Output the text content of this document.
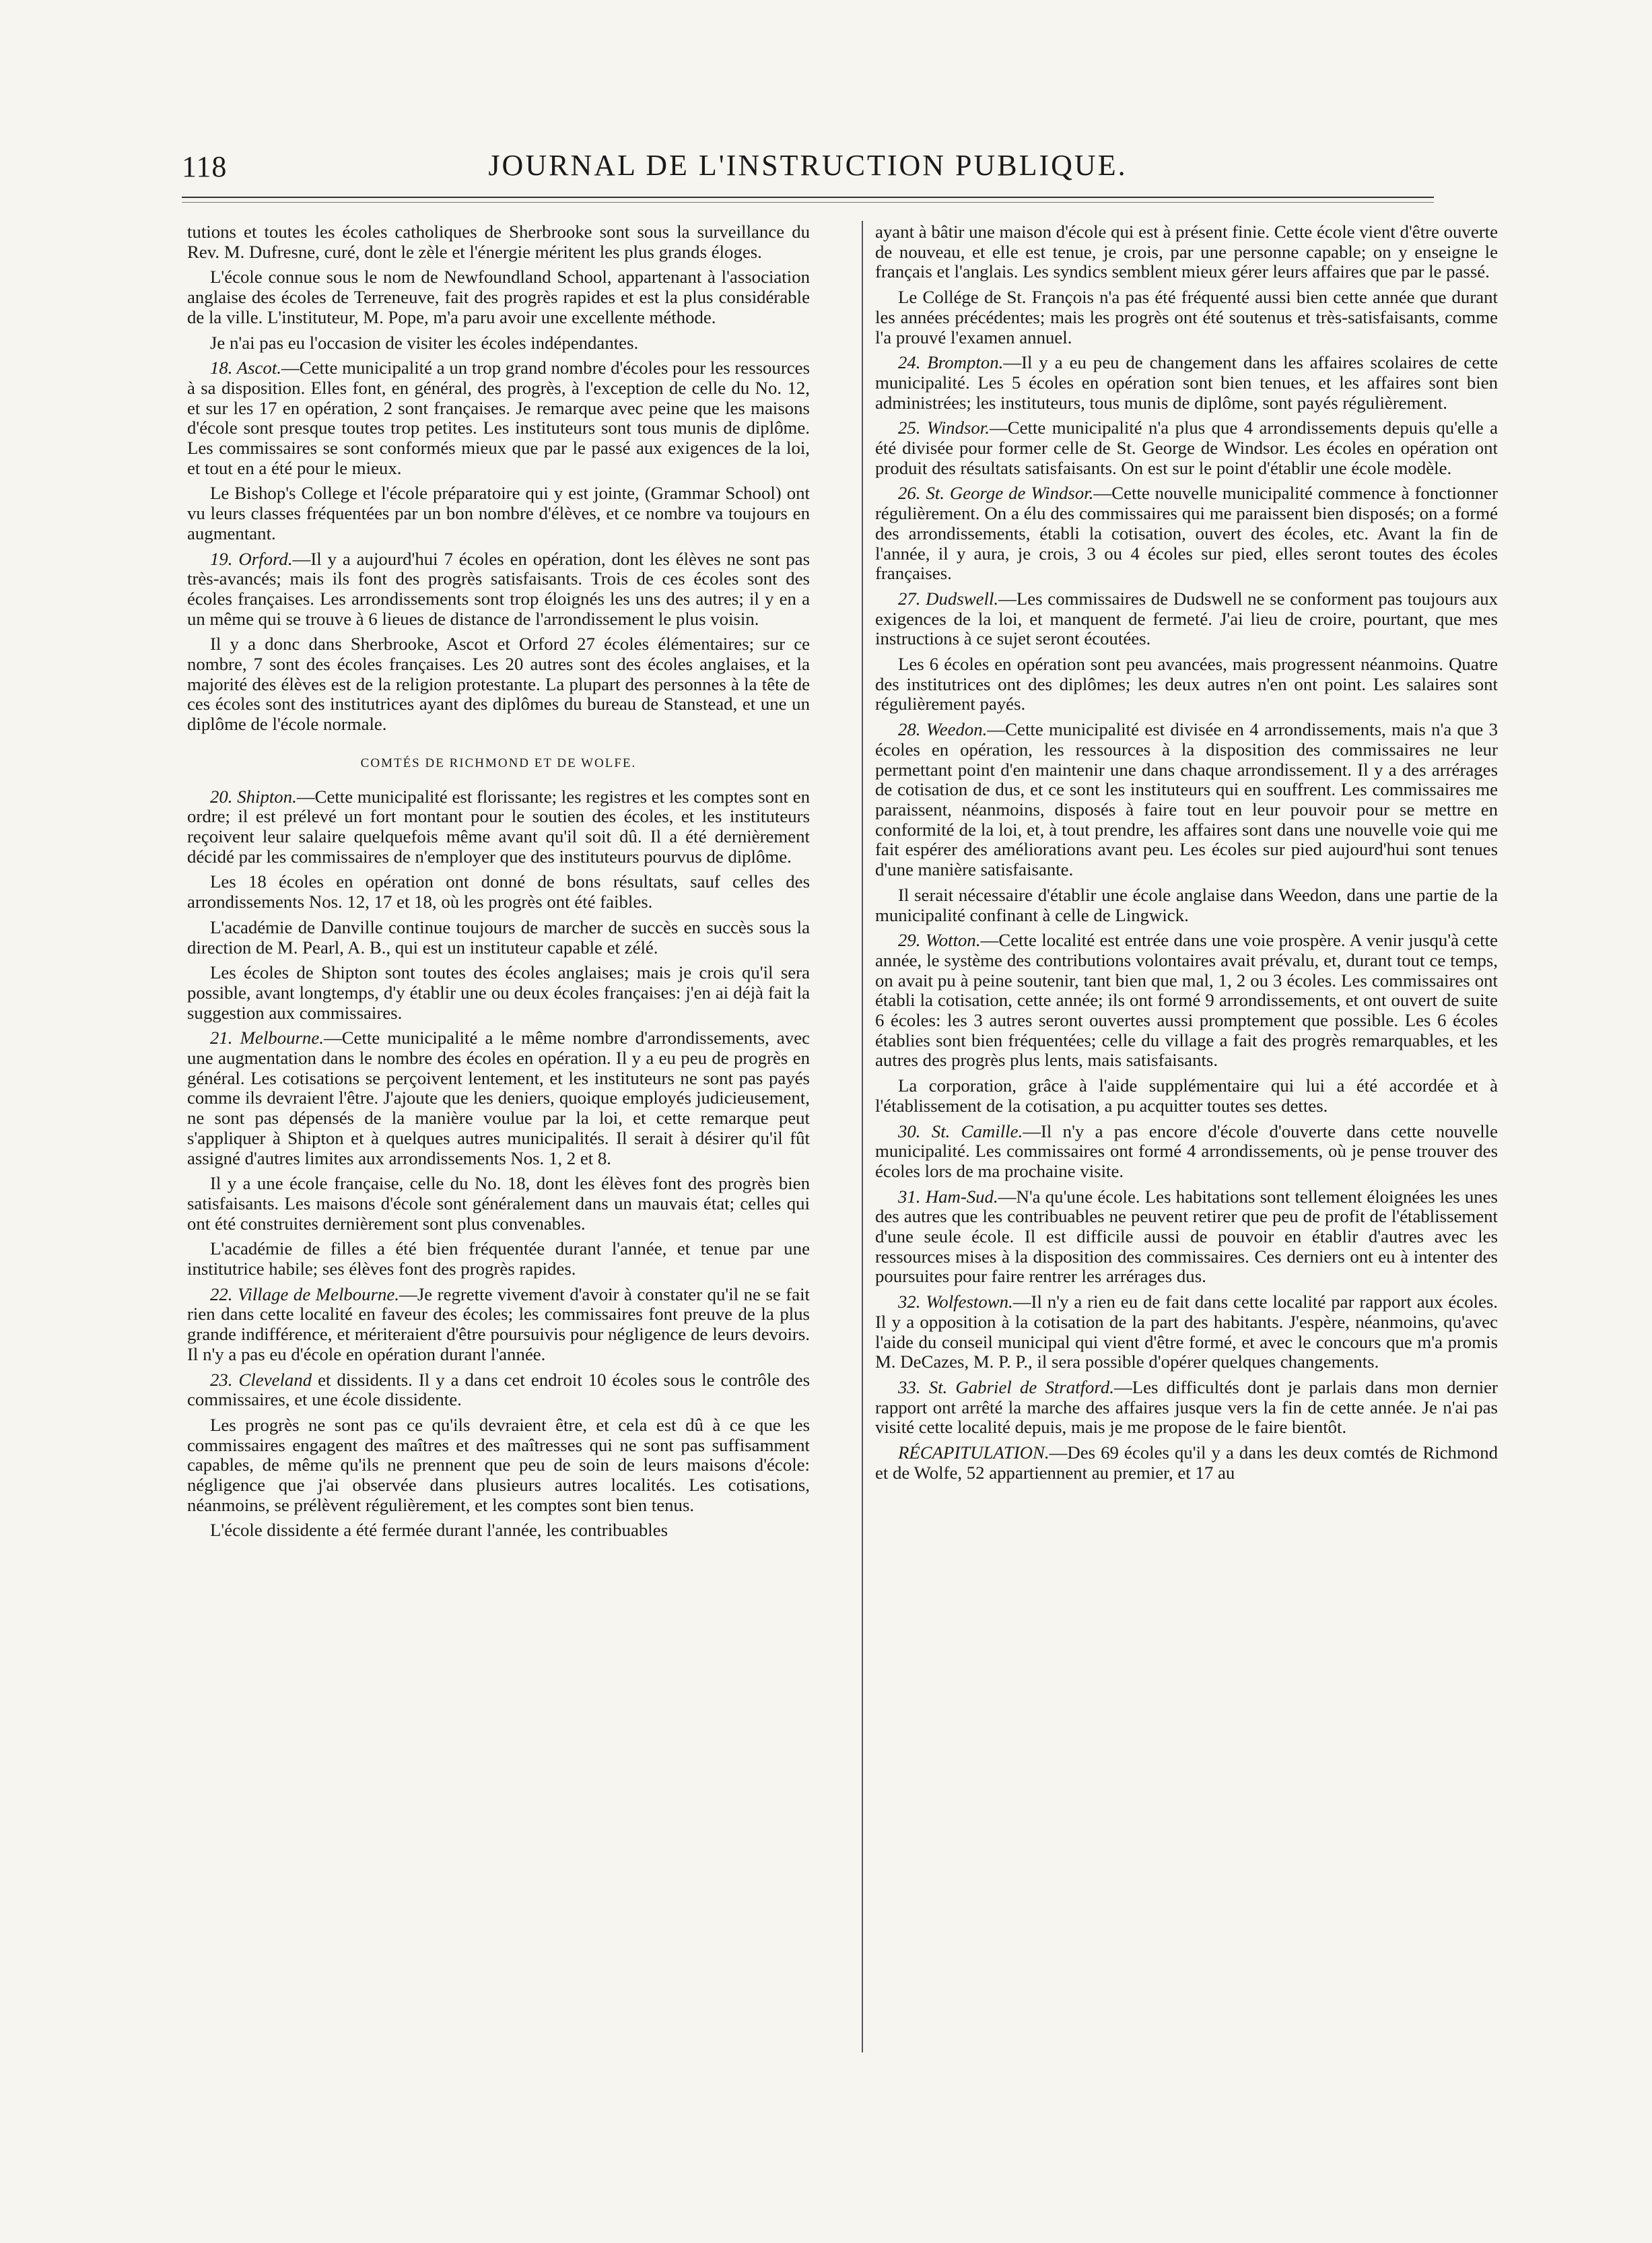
118	JOURNAL DE L'INSTRUCTION PUBLIQUE.

tutions et toutes les écoles catholiques de Sherbrooke sont sous la surveillance du Rev. M. Dufresne, curé, dont le zèle et l'énergie méritent les plus grands éloges.

L'école connue sous le nom de Newfoundland School, appartenant à l'association anglaise des écoles de Terreneuve, fait des progrès rapides et est la plus considérable de la ville. L'instituteur, M. Pope, m'a paru avoir une excellente méthode.

Je n'ai pas eu l'occasion de visiter les écoles indépendantes.

18. Ascot.—Cette municipalité a un trop grand nombre d'écoles pour les ressources à sa disposition. Elles font, en général, des progrès, à l'exception de celle du No. 12, et sur les 17 en opération, 2 sont françaises. Je remarque avec peine que les maisons d'école sont presque toutes trop petites. Les instituteurs sont tous munis de diplôme. Les commissaires se sont conformés mieux que par le passé aux exigences de la loi, et tout en a été pour le mieux.

Le Bishop's College et l'école préparatoire qui y est jointe, (Grammar School) ont vu leurs classes fréquentées par un bon nombre d'élèves, et ce nombre va toujours en augmentant.

19. Orford.—Il y a aujourd'hui 7 écoles en opération, dont les élèves ne sont pas très-avancés; mais ils font des progrès satisfaisants. Trois de ces écoles sont des écoles françaises. Les arrondissements sont trop éloignés les uns des autres; il y en a un même qui se trouve à 6 lieues de distance de l'arrondissement le plus voisin.

Il y a donc dans Sherbrooke, Ascot et Orford 27 écoles élémentaires; sur ce nombre, 7 sont des écoles françaises. Les 20 autres sont des écoles anglaises, et la majorité des élèves est de la religion protestante. La plupart des personnes à la tête de ces écoles sont des institutrices ayant des diplômes du bureau de Stanstead, et une un diplôme de l'école normale.

COMTÉS DE RICHMOND ET DE WOLFE.

20. Shipton.—Cette municipalité est florissante; les registres et les comptes sont en ordre; il est prélevé un fort montant pour le soutien des écoles, et les instituteurs reçoivent leur salaire quelquefois même avant qu'il soit dû. Il a été dernièrement décidé par les commissaires de n'employer que des instituteurs pourvus de diplôme.

Les 18 écoles en opération ont donné de bons résultats, sauf celles des arrondissements Nos. 12, 17 et 18, où les progrès ont été faibles.

L'académie de Danville continue toujours de marcher de succès en succès sous la direction de M. Pearl, A. B., qui est un instituteur capable et zélé.

Les écoles de Shipton sont toutes des écoles anglaises; mais je crois qu'il sera possible, avant longtemps, d'y établir une ou deux écoles françaises: j'en ai déjà fait la suggestion aux commissaires.

21. Melbourne.—Cette municipalité a le même nombre d'arrondissements, avec une augmentation dans le nombre des écoles en opération. Il y a eu peu de progrès en général. Les cotisations se perçoivent lentement, et les instituteurs ne sont pas payés comme ils devraient l'être. J'ajoute que les deniers, quoique employés judicieusement, ne sont pas dépensés de la manière voulue par la loi, et cette remarque peut s'appliquer à Shipton et à quelques autres municipalités. Il serait à désirer qu'il fût assigné d'autres limites aux arrondissements Nos. 1, 2 et 8.

Il y a une école française, celle du No. 18, dont les élèves font des progrès bien satisfaisants. Les maisons d'école sont généralement dans un mauvais état; celles qui ont été construites dernièrement sont plus convenables.

L'académie de filles a été bien fréquentée durant l'année, et tenue par une institutrice habile; ses élèves font des progrès rapides.

22. Village de Melbourne.—Je regrette vivement d'avoir à constater qu'il ne se fait rien dans cette localité en faveur des écoles; les commissaires font preuve de la plus grande indifférence, et mériteraient d'être poursuivis pour négligence de leurs devoirs. Il n'y a pas eu d'école en opération durant l'année.

23. Cleveland et dissidents. Il y a dans cet endroit 10 écoles sous le contrôle des commissaires, et une école dissidente.

Les progrès ne sont pas ce qu'ils devraient être, et cela est dû à ce que les commissaires engagent des maîtres et des maîtresses qui ne sont pas suffisamment capables, de même qu'ils ne prennent que peu de soin de leurs maisons d'école: négligence que j'ai observée dans plusieurs autres localités. Les cotisations, néanmoins, se prélèvent régulièrement, et les comptes sont bien tenus.

L'école dissidente a été fermée durant l'année, les contribuables

ayant à bâtir une maison d'école qui est à présent finie. Cette école vient d'être ouverte de nouveau, et elle est tenue, je crois, par une personne capable; on y enseigne le français et l'anglais. Les syndics semblent mieux gérer leurs affaires que par le passé.

Le Collége de St. François n'a pas été fréquenté aussi bien cette année que durant les années précédentes; mais les progrès ont été soutenus et très-satisfaisants, comme l'a prouvé l'examen annuel.

24. Brompton.—Il y a eu peu de changement dans les affaires scolaires de cette municipalité. Les 5 écoles en opération sont bien tenues, et les affaires sont bien administrées; les instituteurs, tous munis de diplôme, sont payés régulièrement.

25. Windsor.—Cette municipalité n'a plus que 4 arrondissements depuis qu'elle a été divisée pour former celle de St. George de Windsor. Les écoles en opération ont produit des résultats satisfaisants. On est sur le point d'établir une école modèle.

26. St. George de Windsor.—Cette nouvelle municipalité commence à fonctionner régulièrement. On a élu des commissaires qui me paraissent bien disposés; on a formé des arrondissements, établi la cotisation, ouvert des écoles, etc. Avant la fin de l'année, il y aura, je crois, 3 ou 4 écoles sur pied, elles seront toutes des écoles françaises.

27. Dudswell.—Les commissaires de Dudswell ne se conforment pas toujours aux exigences de la loi, et manquent de fermeté. J'ai lieu de croire, pourtant, que mes instructions à ce sujet seront écoutées.

Les 6 écoles en opération sont peu avancées, mais progressent néanmoins. Quatre des institutrices ont des diplômes; les deux autres n'en ont point. Les salaires sont régulièrement payés.

28. Weedon.—Cette municipalité est divisée en 4 arrondissements, mais n'a que 3 écoles en opération, les ressources à la disposition des commissaires ne leur permettant point d'en maintenir une dans chaque arrondissement. Il y a des arrérages de cotisation de dus, et ce sont les instituteurs qui en souffrent. Les commissaires me paraissent, néanmoins, disposés à faire tout en leur pouvoir pour se mettre en conformité de la loi, et, à tout prendre, les affaires sont dans une nouvelle voie qui me fait espérer des améliorations avant peu. Les écoles sur pied aujourd'hui sont tenues d'une manière satisfaisante.

Il serait nécessaire d'établir une école anglaise dans Weedon, dans une partie de la municipalité confinant à celle de Lingwick.

29. Wotton.—Cette localité est entrée dans une voie prospère. A venir jusqu'à cette année, le système des contributions volontaires avait prévalu, et, durant tout ce temps, on avait pu à peine soutenir, tant bien que mal, 1, 2 ou 3 écoles. Les commissaires ont établi la cotisation, cette année; ils ont formé 9 arrondissements, et ont ouvert de suite 6 écoles: les 3 autres seront ouvertes aussi promptement que possible. Les 6 écoles établies sont bien fréquentées; celle du village a fait des progrès remarquables, et les autres des progrès plus lents, mais satisfaisants.

La corporation, grâce à l'aide supplémentaire qui lui a été accordée et à l'établissement de la cotisation, a pu acquitter toutes ses dettes.

30. St. Camille.—Il n'y a pas encore d'école d'ouverte dans cette nouvelle municipalité. Les commissaires ont formé 4 arrondissements, où je pense trouver des écoles lors de ma prochaine visite.

31. Ham-Sud.—N'a qu'une école. Les habitations sont tellement éloignées les unes des autres que les contribuables ne peuvent retirer que peu de profit de l'établissement d'une seule école. Il est difficile aussi de pouvoir en établir d'autres avec les ressources mises à la disposition des commissaires. Ces derniers ont eu à intenter des poursuites pour faire rentrer les arrérages dus.

32. Wolfestown.—Il n'y a rien eu de fait dans cette localité par rapport aux écoles. Il y a opposition à la cotisation de la part des habitants. J'espère, néanmoins, qu'avec l'aide du conseil municipal qui vient d'être formé, et avec le concours que m'a promis M. DeCazes, M. P. P., il sera possible d'opérer quelques changements.

33. St. Gabriel de Stratford.—Les difficultés dont je parlais dans mon dernier rapport ont arrêté la marche des affaires jusque vers la fin de cette année. Je n'ai pas visité cette localité depuis, mais je me propose de le faire bientôt.

RÉCAPITULATION.—Des 69 écoles qu'il y a dans les deux comtés de Richmond et de Wolfe, 52 appartiennent au premier, et 17 au
